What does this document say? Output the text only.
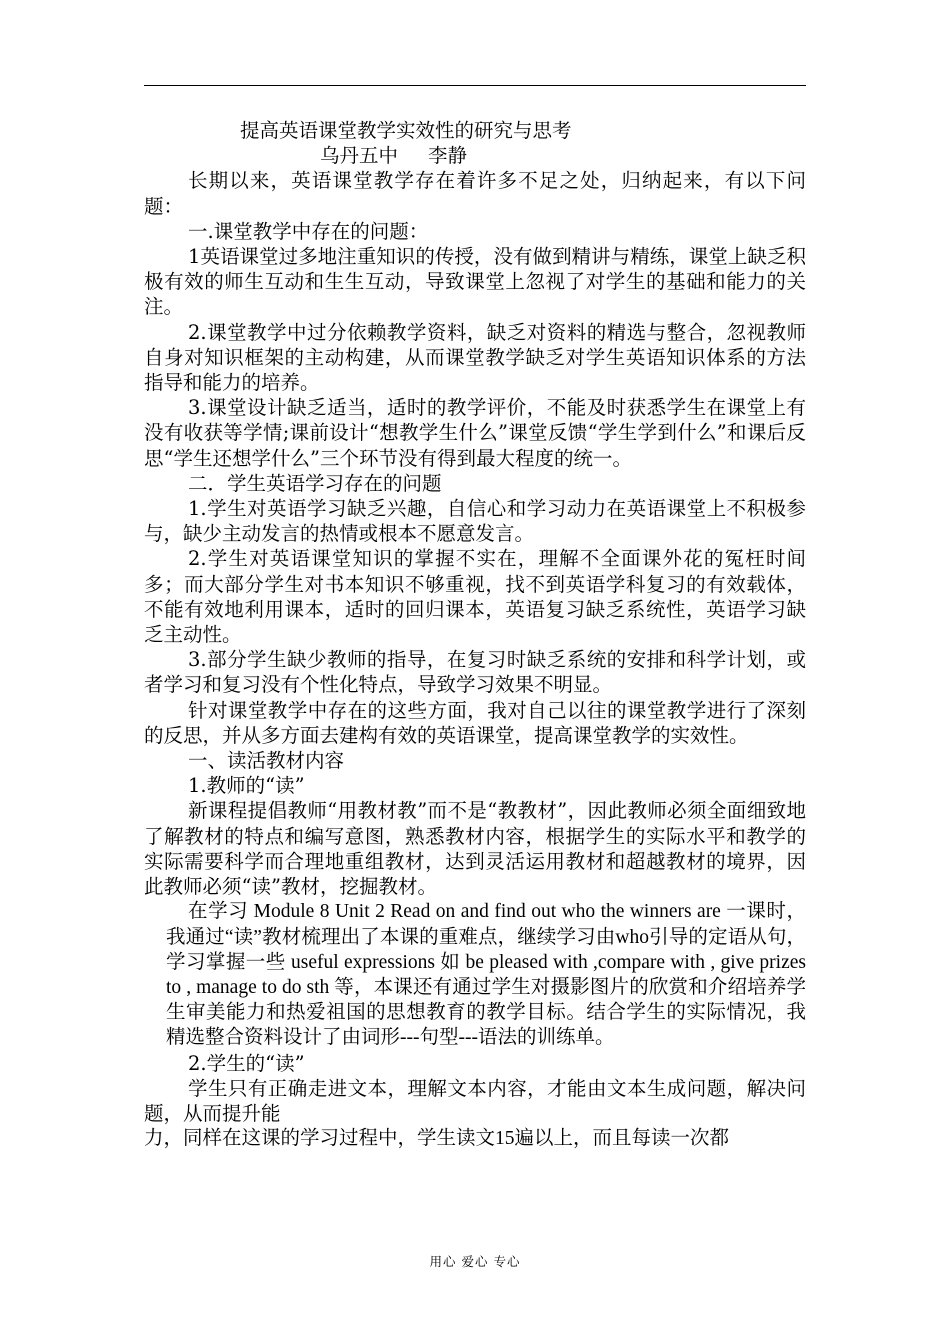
提高英语课堂教学实效性的研究与思考

乌丹五中 李静

长期以来，英语课堂教学存在着许多不足之处，归纳起来，有以下问题：

一.课堂教学中存在的问题：

1英语课堂过多地注重知识的传授，没有做到精讲与精练，课堂上缺乏积极有效的师生互动和生生互动，导致课堂上忽视了对学生的基础和能力的关注。

2.课堂教学中过分依赖教学资料，缺乏对资料的精选与整合，忽视教师自身对知识框架的主动构建，从而课堂教学缺乏对学生英语知识体系的方法指导和能力的培养。

3.课堂设计缺乏适当，适时的教学评价，不能及时获悉学生在课堂上有没有收获等学情;课前设计“想教学生什么”课堂反馈“学生学到什么”和课后反思“学生还想学什么”三个环节没有得到最大程度的统一。

二．学生英语学习存在的问题

1.学生对英语学习缺乏兴趣，自信心和学习动力在英语课堂上不积极参与，缺少主动发言的热情或根本不愿意发言。

2.学生对英语课堂知识的掌握不实在，理解不全面课外花的冤枉时间多；而大部分学生对书本知识不够重视，找不到英语学科复习的有效载体，不能有效地利用课本，适时的回归课本，英语复习缺乏系统性，英语学习缺乏主动性。

3.部分学生缺少教师的指导，在复习时缺乏系统的安排和科学计划，或者学习和复习没有个性化特点，导致学习效果不明显。

针对课堂教学中存在的这些方面，我对自己以往的课堂教学进行了深刻的反思，并从多方面去建构有效的英语课堂，提高课堂教学的实效性。

一、读活教材内容

1.教师的“读”

新课程提倡教师“用教材教”而不是“教教材”，因此教师必须全面细致地了解教材的特点和编写意图，熟悉教材内容，根据学生的实际水平和教学的实际需要科学而合理地重组教材，达到灵活运用教材和超越教材的境界，因此教师必须“读”教材，挖掘教材。

在学习 Module 8 Unit 2 Read on and find out who the winners are 一课时，我通过“读”教材梳理出了本课的重难点，继续学习由who引导的定语从句，学习掌握一些 useful expressions 如 be pleased with ,compare with , give prizes to , manage to do sth 等，本课还有通过学生对摄影图片的欣赏和介绍培养学生审美能力和热爱祖国的思想教育的教学目标。结合学生的实际情况，我精选整合资料设计了由词形---句型---语法的训练单。

2.学生的“读”

学生只有正确走进文本，理解文本内容，才能由文本生成问题，解决问题，从而提升能

力，同样在这课的学习过程中，学生读文15遍以上，而且每读一次都

用心 爱心 专心
